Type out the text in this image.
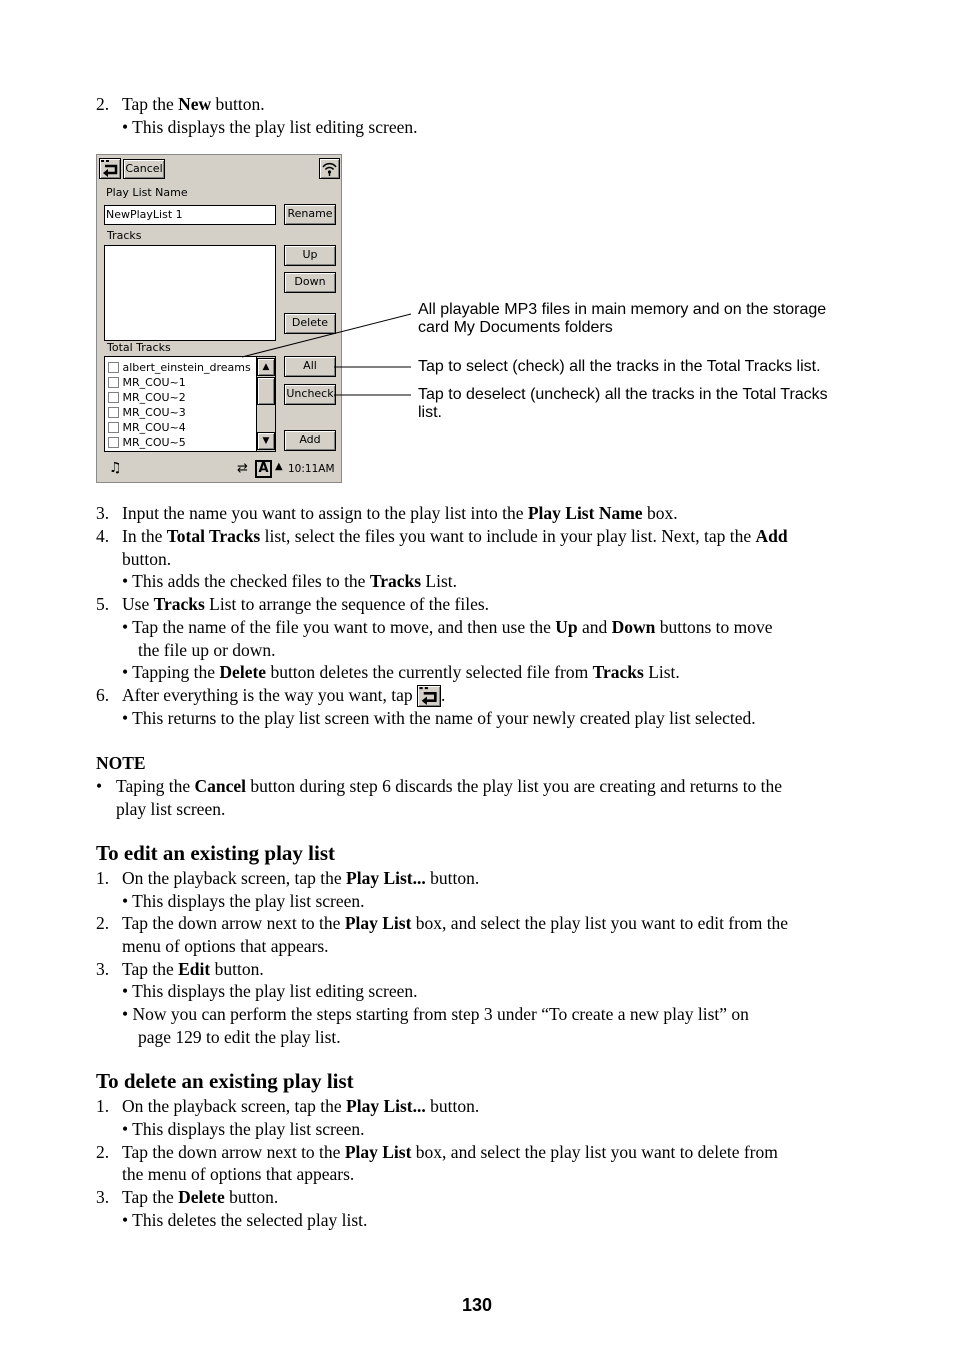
2. Tap the New button.
• This displays the play list editing screen.
Cancel
Play List Name
NewPlayList 1	Rename
Tracks
Up
Down
Delete
Total Tracks
albert_einstein_dreams
MR_COU~1
MR_COU~2
MR_COU~3
MR_COU~4
MR_COU~5
▲
▼
All
Uncheck
Add
♫	⇄ A ▲ 10:11AM
All playable MP3 files in main memory and on the storage
card My Documents folders
Tap to select (check) all the tracks in the Total Tracks list.
Tap to deselect (uncheck) all the tracks in the Total Tracks
list.
3. Input the name you want to assign to the play list into the Play List Name box.
4. In the Total Tracks list, select the files you want to include in your play list. Next, tap the Add
button.
• This adds the checked files to the Tracks List.
5. Use Tracks List to arrange the sequence of the files.
• Tap the name of the file you want to move, and then use the Up and Down buttons to move
the file up or down.
• Tapping the Delete button deletes the currently selected file from Tracks List.
6. After everything is the way you want, tap .
• This returns to the play list screen with the name of your newly created play list selected.
NOTE
• Taping the Cancel button during step 6 discards the play list you are creating and returns to the
play list screen.
To edit an existing play list
1. On the playback screen, tap the Play List... button.
• This displays the play list screen.
2. Tap the down arrow next to the Play List box, and select the play list you want to edit from the
menu of options that appears.
3. Tap the Edit button.
• This displays the play list editing screen.
• Now you can perform the steps starting from step 3 under “To create a new play list” on
page 129 to edit the play list.
To delete an existing play list
1. On the playback screen, tap the Play List... button.
• This displays the play list screen.
2. Tap the down arrow next to the Play List box, and select the play list you want to delete from
the menu of options that appears.
3. Tap the Delete button.
• This deletes the selected play list.
130
